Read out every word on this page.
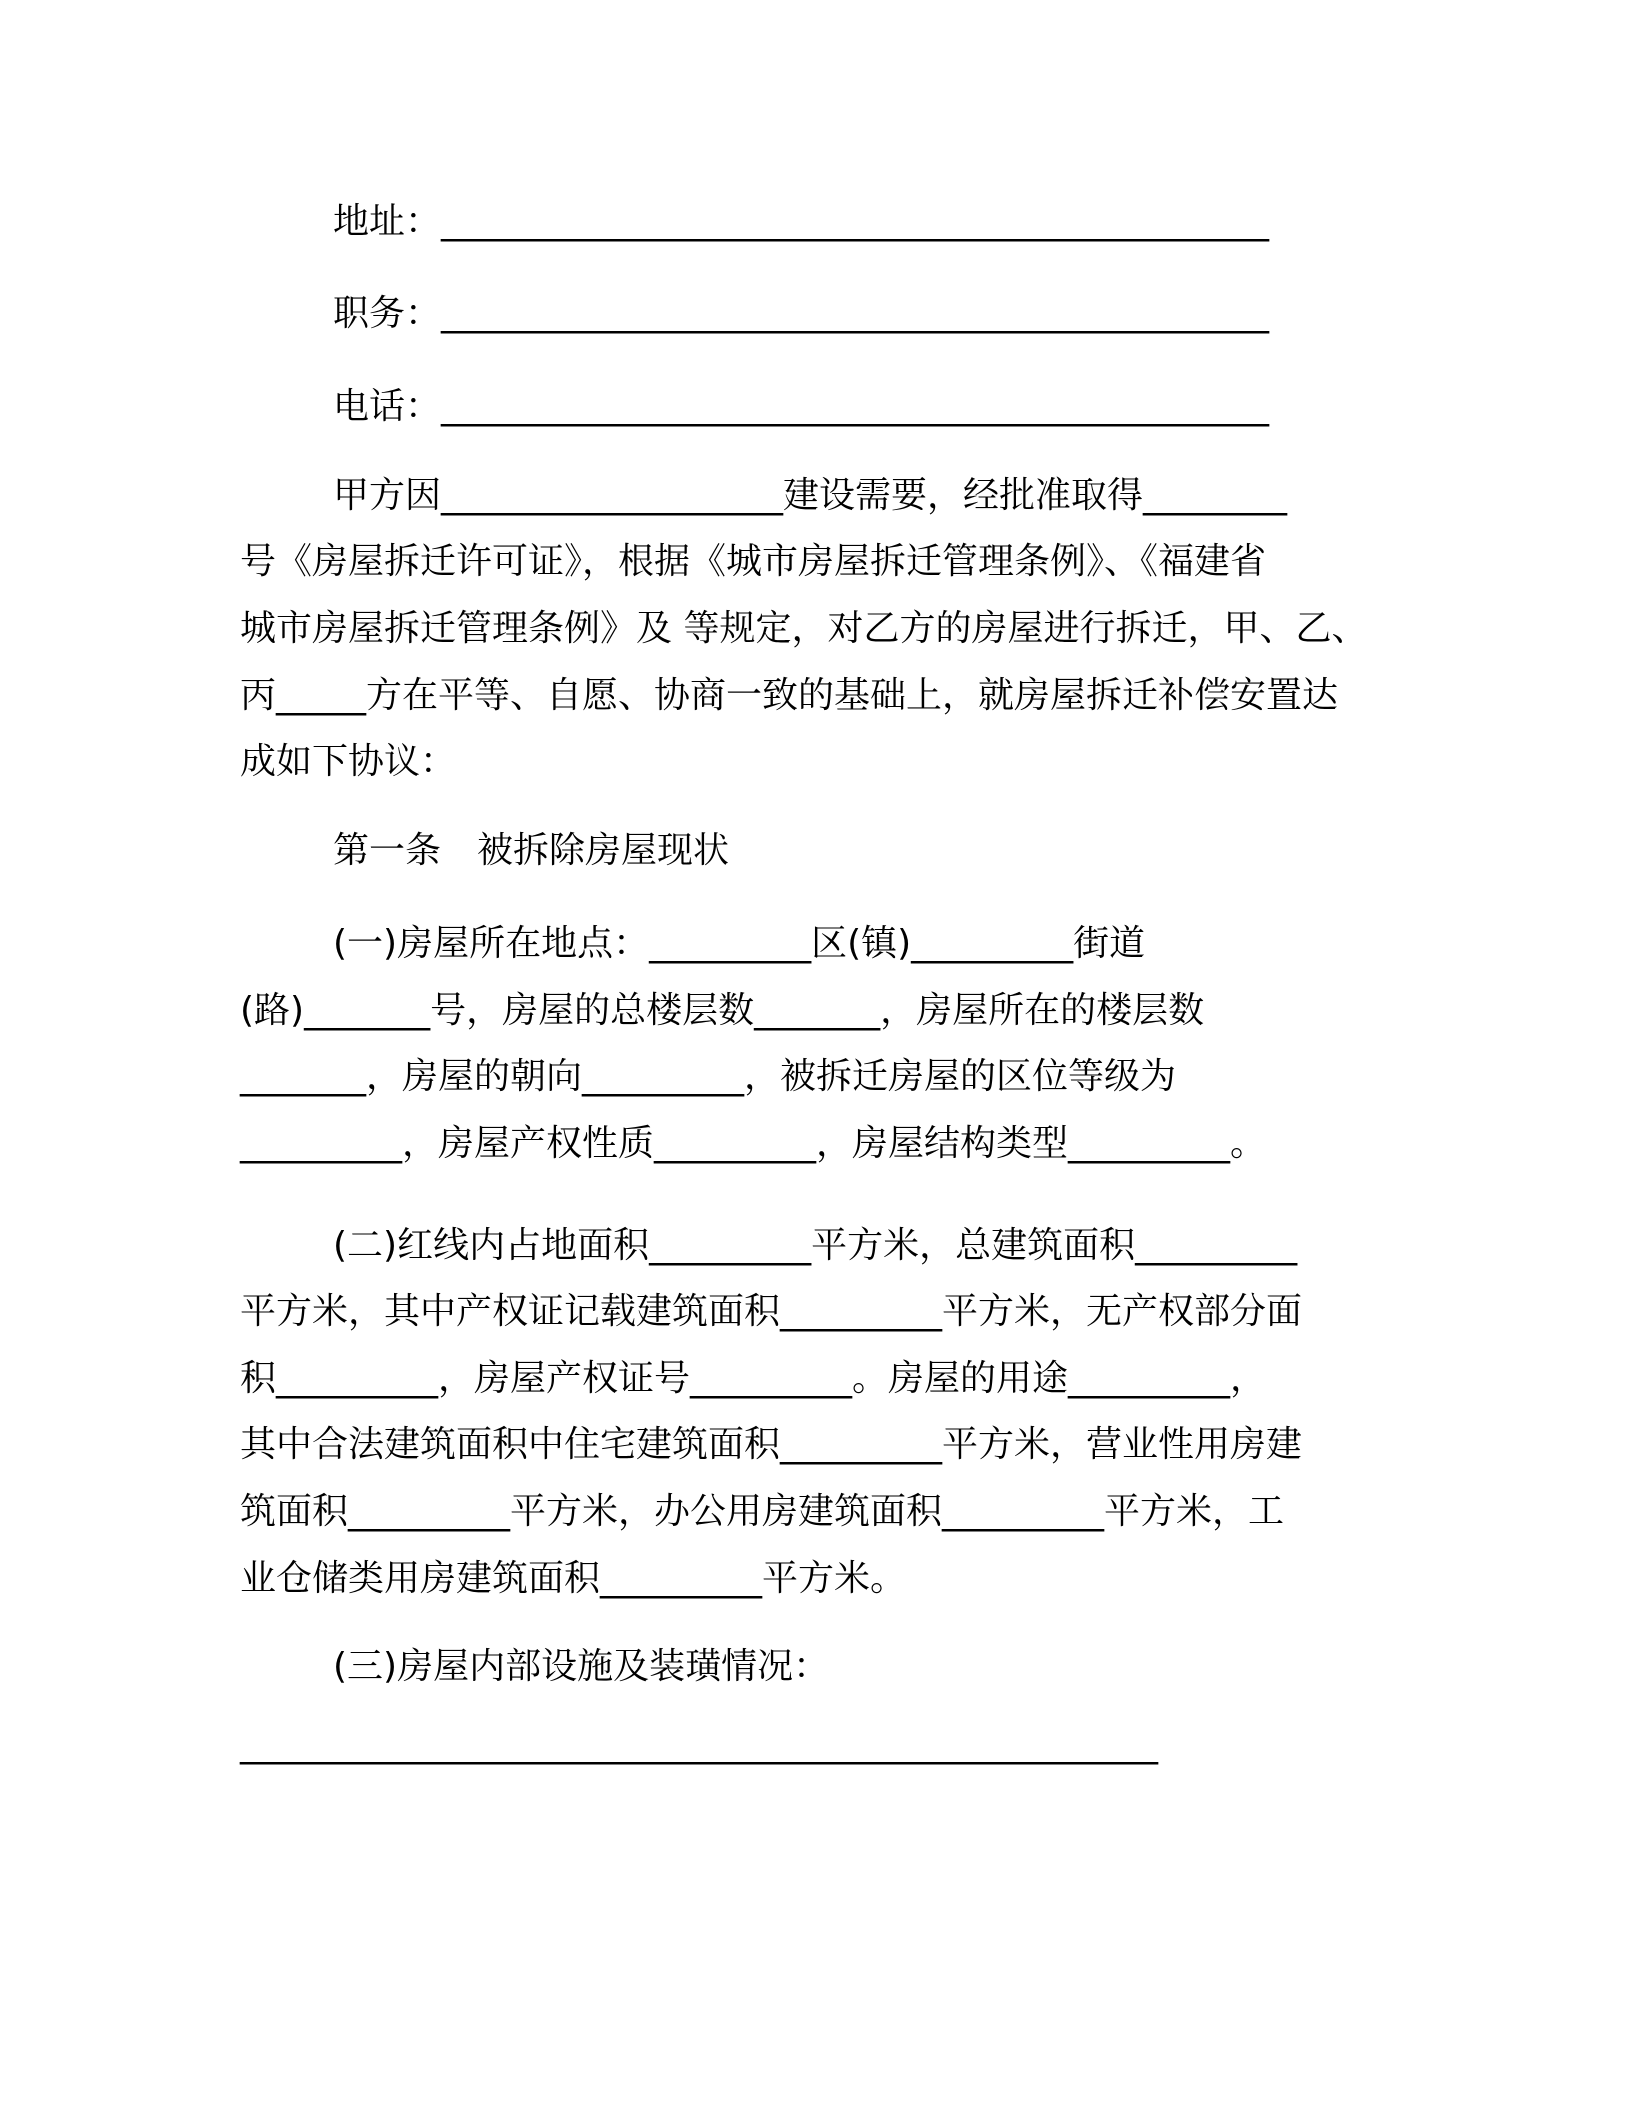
地址：______________________________________________
职务：______________________________________________
电话：______________________________________________
甲方因___________________建设需要，经批准取得________
号《房屋拆迁许可证》，根据《城市房屋拆迁管理条例》、《福建省
城市房屋拆迁管理条例》及 等规定，对乙方的房屋进行拆迁，甲、乙、
丙_____方在平等、自愿、协商一致的基础上，就房屋拆迁补偿安置达
成如下协议：
第一条　被拆除房屋现状
(一)房屋所在地点：_________区(镇)_________街道
(路)_______号，房屋的总楼层数_______，房屋所在的楼层数
_______，房屋的朝向_________，被拆迁房屋的区位等级为
_________，房屋产权性质_________，房屋结构类型_________。
(二)红线内占地面积_________平方米，总建筑面积_________
平方米，其中产权证记载建筑面积_________平方米，无产权部分面
积_________，房屋产权证号_________。房屋的用途_________，
其中合法建筑面积中住宅建筑面积_________平方米，营业性用房建
筑面积_________平方米，办公用房建筑面积_________平方米，工
业仓储类用房建筑面积_________平方米。
(三)房屋内部设施及装璜情况：
___________________________________________________
